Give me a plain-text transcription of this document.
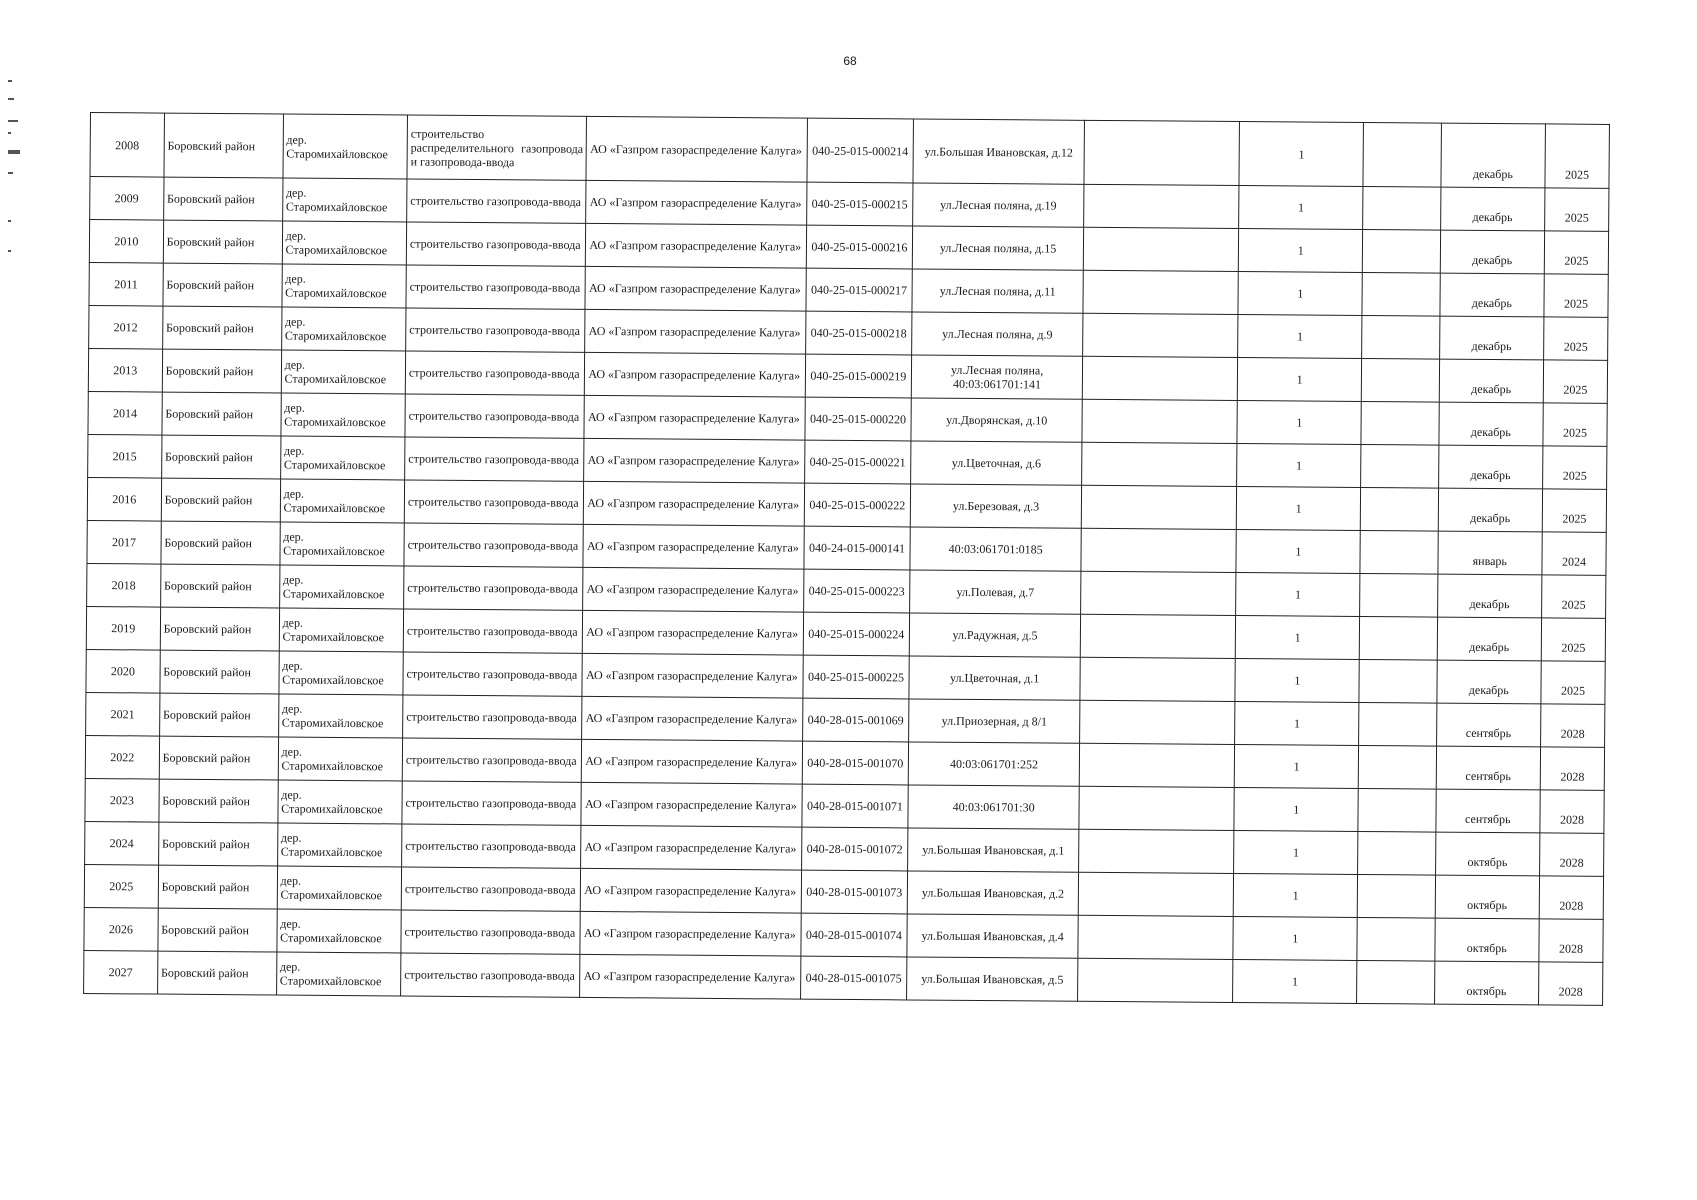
68
2008	Боровский район	дер. Старомихайловское	строительство распределительного газопровода и газопровода-ввода	АО «Газпром газораспределение Калуга»	040-25-015-000214	ул.Большая Ивановская, д.12		1		декабрь	2025
2009	Боровский район	дер. Старомихайловское	строительство газопровода-ввода	АО «Газпром газораспределение Калуга»	040-25-015-000215	ул.Лесная поляна, д.19		1		декабрь	2025
2010	Боровский район	дер. Старомихайловское	строительство газопровода-ввода	АО «Газпром газораспределение Калуга»	040-25-015-000216	ул.Лесная поляна, д.15		1		декабрь	2025
2011	Боровский район	дер. Старомихайловское	строительство газопровода-ввода	АО «Газпром газораспределение Калуга»	040-25-015-000217	ул.Лесная поляна, д.11		1		декабрь	2025
2012	Боровский район	дер. Старомихайловское	строительство газопровода-ввода	АО «Газпром газораспределение Калуга»	040-25-015-000218	ул.Лесная поляна, д.9		1		декабрь	2025
2013	Боровский район	дер. Старомихайловское	строительство газопровода-ввода	АО «Газпром газораспределение Калуга»	040-25-015-000219	ул.Лесная поляна, 40:03:061701:141		1		декабрь	2025
2014	Боровский район	дер. Старомихайловское	строительство газопровода-ввода	АО «Газпром газораспределение Калуга»	040-25-015-000220	ул.Дворянская, д.10		1		декабрь	2025
2015	Боровский район	дер. Старомихайловское	строительство газопровода-ввода	АО «Газпром газораспределение Калуга»	040-25-015-000221	ул.Цветочная, д.6		1		декабрь	2025
2016	Боровский район	дер. Старомихайловское	строительство газопровода-ввода	АО «Газпром газораспределение Калуга»	040-25-015-000222	ул.Березовая, д.3		1		декабрь	2025
2017	Боровский район	дер. Старомихайловское	строительство газопровода-ввода	АО «Газпром газораспределение Калуга»	040-24-015-000141	40:03:061701:0185		1		январь	2024
2018	Боровский район	дер. Старомихайловское	строительство газопровода-ввода	АО «Газпром газораспределение Калуга»	040-25-015-000223	ул.Полевая, д.7		1		декабрь	2025
2019	Боровский район	дер. Старомихайловское	строительство газопровода-ввода	АО «Газпром газораспределение Калуга»	040-25-015-000224	ул.Радужная, д.5		1		декабрь	2025
2020	Боровский район	дер. Старомихайловское	строительство газопровода-ввода	АО «Газпром газораспределение Калуга»	040-25-015-000225	ул.Цветочная, д.1		1		декабрь	2025
2021	Боровский район	дер. Старомихайловское	строительство газопровода-ввода	АО «Газпром газораспределение Калуга»	040-28-015-001069	ул.Приозерная, д 8/1		1		сентябрь	2028
2022	Боровский район	дер. Старомихайловское	строительство газопровода-ввода	АО «Газпром газораспределение Калуга»	040-28-015-001070	40:03:061701:252		1		сентябрь	2028
2023	Боровский район	дер. Старомихайловское	строительство газопровода-ввода	АО «Газпром газораспределение Калуга»	040-28-015-001071	40:03:061701:30		1		сентябрь	2028
2024	Боровский район	дер. Старомихайловское	строительство газопровода-ввода	АО «Газпром газораспределение Калуга»	040-28-015-001072	ул.Большая Ивановская, д.1		1		октябрь	2028
2025	Боровский район	дер. Старомихайловское	строительство газопровода-ввода	АО «Газпром газораспределение Калуга»	040-28-015-001073	ул.Большая Ивановская, д.2		1		октябрь	2028
2026	Боровский район	дер. Старомихайловское	строительство газопровода-ввода	АО «Газпром газораспределение Калуга»	040-28-015-001074	ул.Большая Ивановская, д.4		1		октябрь	2028
2027	Боровский район	дер. Старомихайловское	строительство газопровода-ввода	АО «Газпром газораспределение Калуга»	040-28-015-001075	ул.Большая Ивановская, д.5		1		октябрь	2028
